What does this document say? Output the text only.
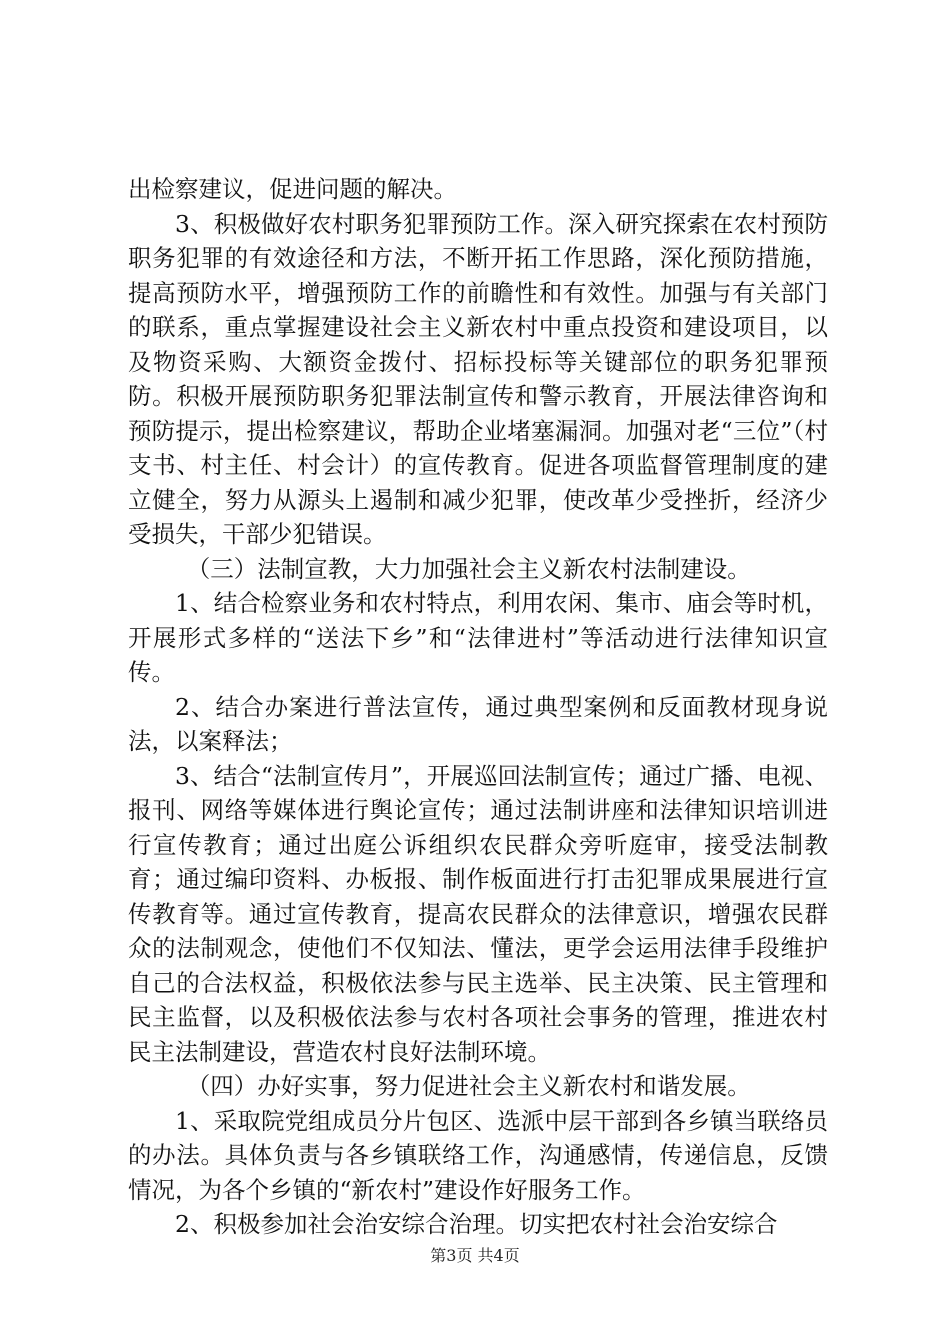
出检察建议，促进问题的解决。

3、积极做好农村职务犯罪预防工作。深入研究探索在农村预防职务犯罪的有效途径和方法，不断开拓工作思路，深化预防措施，提高预防水平，增强预防工作的前瞻性和有效性。加强与有关部门的联系，重点掌握建设社会主义新农村中重点投资和建设项目，以及物资采购、大额资金拨付、招标投标等关键部位的职务犯罪预防。积极开展预防职务犯罪法制宣传和警示教育，开展法律咨询和预防提示，提出检察建议，帮助企业堵塞漏洞。加强对老“三位”（村支书、村主任、村会计）的宣传教育。促进各项监督管理制度的建立健全，努力从源头上遏制和减少犯罪，使改革少受挫折，经济少受损失，干部少犯错误。

（三）法制宣教，大力加强社会主义新农村法制建设。

1、结合检察业务和农村特点，利用农闲、集市、庙会等时机，开展形式多样的“送法下乡”和“法律进村”等活动进行法律知识宣传。

2、结合办案进行普法宣传，通过典型案例和反面教材现身说法，以案释法；

3、结合“法制宣传月”，开展巡回法制宣传；通过广播、电视、报刊、网络等媒体进行舆论宣传；通过法制讲座和法律知识培训进行宣传教育；通过出庭公诉组织农民群众旁听庭审，接受法制教育；通过编印资料、办板报、制作板面进行打击犯罪成果展进行宣传教育等。通过宣传教育，提高农民群众的法律意识，增强农民群众的法制观念，使他们不仅知法、懂法，更学会运用法律手段维护自己的合法权益，积极依法参与民主选举、民主决策、民主管理和民主监督，以及积极依法参与农村各项社会事务的管理，推进农村民主法制建设，营造农村良好法制环境。

（四）办好实事，努力促进社会主义新农村和谐发展。

1、采取院党组成员分片包区、选派中层干部到各乡镇当联络员的办法。具体负责与各乡镇联络工作，沟通感情，传递信息，反馈情况，为各个乡镇的“新农村”建设作好服务工作。

2、积极参加社会治安综合治理。切实把农村社会治安综合

第3页 共4页
